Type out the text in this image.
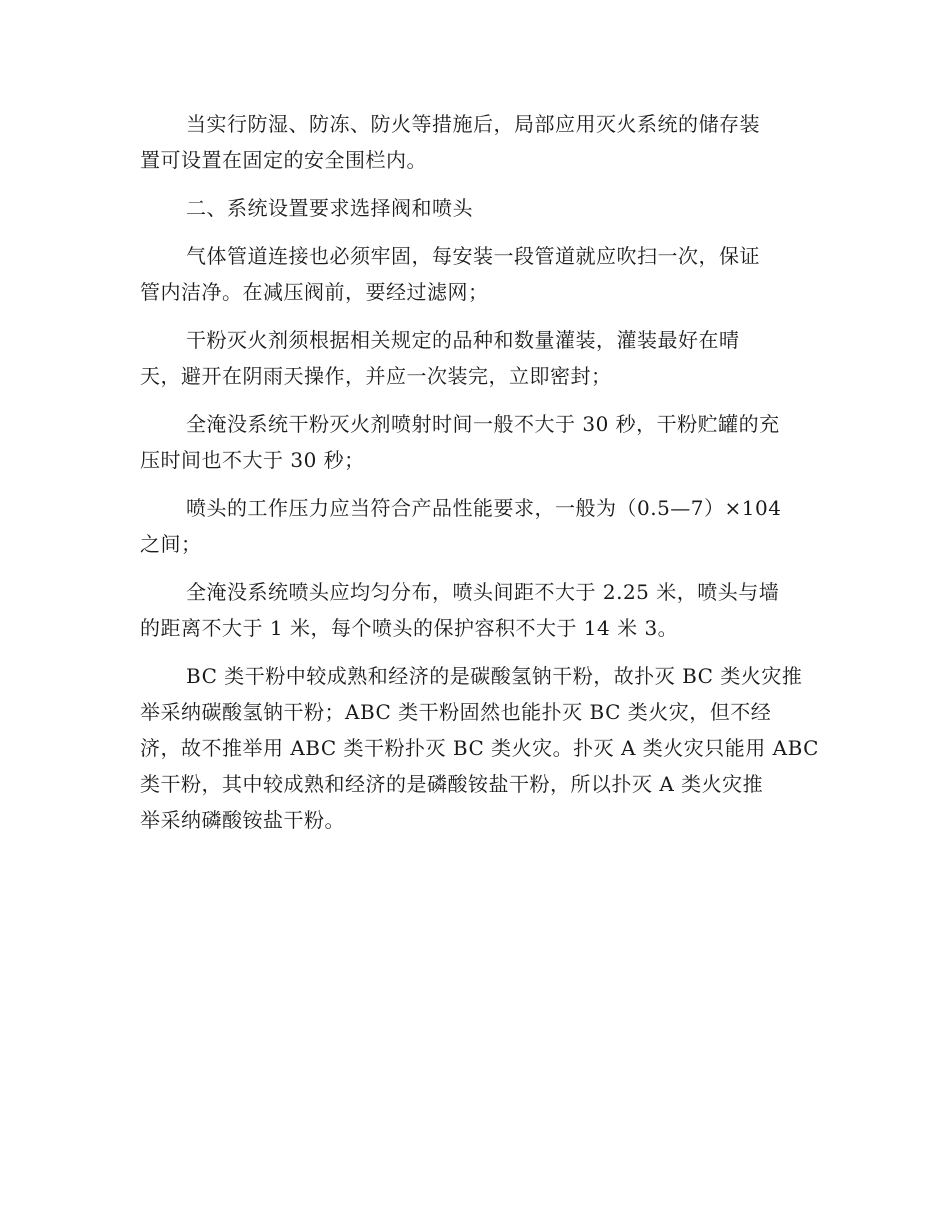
当实行防湿、防冻、防火等措施后，局部应用灭火系统的储存装
置可设置在固定的安全围栏内。

二、系统设置要求选择阀和喷头

气体管道连接也必须牢固，每安装一段管道就应吹扫一次，保证
管内洁净。在减压阀前，要经过滤网；

干粉灭火剂须根据相关规定的品种和数量灌装，灌装最好在晴
天，避开在阴雨天操作，并应一次装完，立即密封；

全淹没系统干粉灭火剂喷射时间一般不大于 30 秒，干粉贮罐的充
压时间也不大于 30 秒；

喷头的工作压力应当符合产品性能要求，一般为（0.5—7）×104
之间；

全淹没系统喷头应均匀分布，喷头间距不大于 2.25 米，喷头与墙
的距离不大于 1 米，每个喷头的保护容积不大于 14 米 3。

BC 类干粉中较成熟和经济的是碳酸氢钠干粉，故扑灭 BC 类火灾推
举采纳碳酸氢钠干粉；ABC 类干粉固然也能扑灭 BC 类火灾，但不经
济，故不推举用 ABC 类干粉扑灭 BC 类火灾。扑灭 A 类火灾只能用 ABC
类干粉，其中较成熟和经济的是磷酸铵盐干粉，所以扑灭 A 类火灾推
举采纳磷酸铵盐干粉。
